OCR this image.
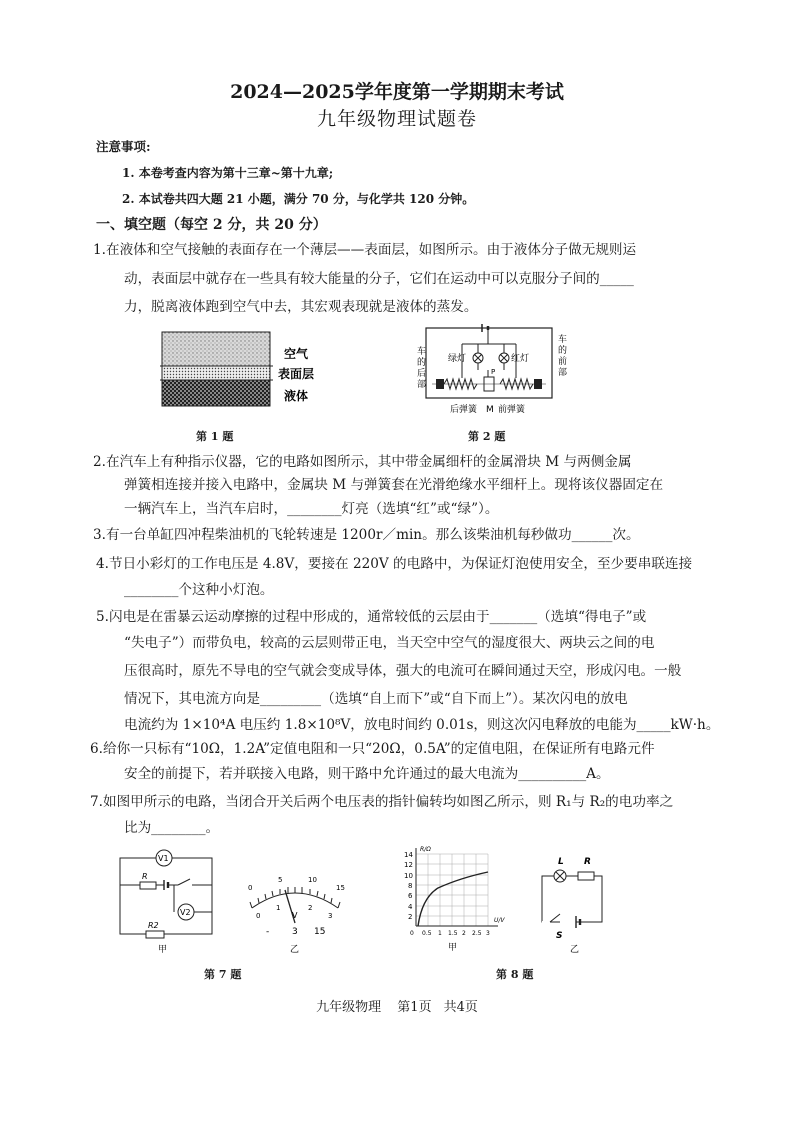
2024—2025学年度第一学期期末考试
九年级物理试题卷
注意事项:
1. 本卷考查内容为第十三章~第十九章;
2. 本试卷共四大题 21 小题，满分 70 分，与化学共 120 分钟。
一、填空题（每空 2 分，共 20 分）
1.在液体和空气接触的表面存在一个薄层——表面层，如图所示。由于液体分子做无规则运
动，表面层中就存在一些具有较大能量的分子，它们在运动中可以克服分子间的_____
力，脱离液体跑到空气中去，其宏观表现就是液体的蒸发。
空气
表面层
液体
第 1 题
P
绿灯	红灯
车的后部
车的前部
后弹簧 M 前弹簧
第 2 题
2.在汽车上有种指示仪器，它的电路如图所示，其中带金属细杆的金属滑块 M 与两侧金属
弹簧相连接并接入电路中，金属块 M 与弹簧套在光滑绝缘水平细杆上。现将该仪器固定在
一辆汽车上，当汽车启时，________灯亮（选填“红”或“绿”）。
3.有一台单缸四冲程柴油机的飞轮转速是 1200r／min。那么该柴油机每秒做功______次。
4.节日小彩灯的工作电压是 4.8V，要接在 220V 的电路中，为保证灯泡使用安全，至少要串联连接
________个这种小灯泡。
5.闪电是在雷暴云运动摩擦的过程中形成的，通常较低的云层由于_______（选填“得电子”或
“失电子”）而带负电，较高的云层则带正电，当天空中空气的湿度很大、两块云之间的电
压很高时，原先不导电的空气就会变成导体，强大的电流可在瞬间通过天空，形成闪电。一般
情况下，其电流方向是_________（选填“自上而下”或“自下而上”）。某次闪电的放电
电流约为 1×10⁴A 电压约 1.8×10⁸V，放电时间约 0.01s，则这次闪电释放的电能为_____kW·h。
6.给你一只标有“10Ω，1.2A”定值电阻和一只“20Ω，0.5A”的定值电阻，在保证所有电路元件
安全的前提下，若并联接入电路，则干路中允许通过的最大电流为__________A。
7.如图甲所示的电路，当闭合开关后两个电压表的指针偏转均如图乙所示，则 R₁与 R₂的电功率之
比为________。
V1
R
V2
R2
甲
0
5	10
15
0
1	2
3
V
-	3 15
乙
第 7 题
R/Ω
U/V
14
12
10
8
6
4
2
0 0.5 1 1.5 2 2.5 3
甲
L R
S
乙
第 8 题
九年级物理 第1页 共4页
